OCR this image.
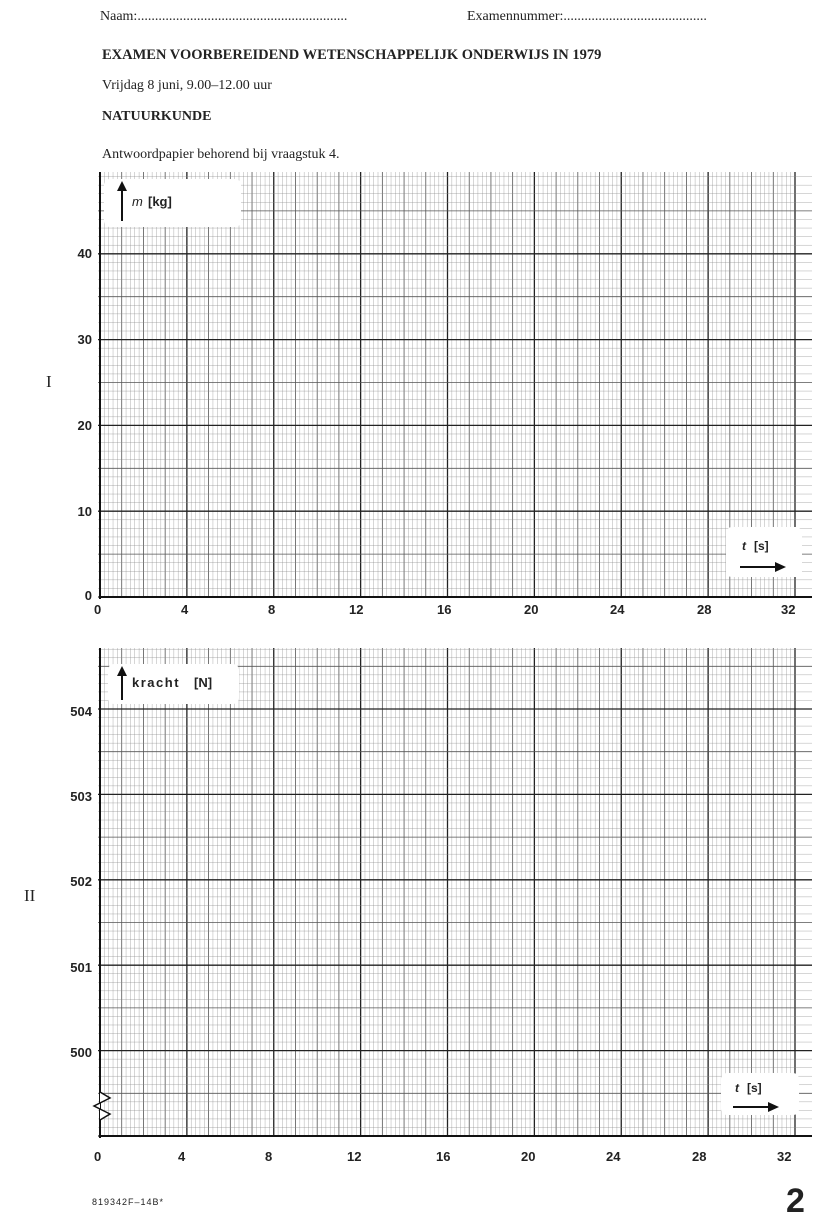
Naam:............................................................	Examennummer:.........................................
EXAMEN VOORBEREIDEND WETENSCHAPPELIJK ONDERWIJS IN 1979
Vrijdag 8 juni, 9.00–12.00 uur
NATUURKUNDE
Antwoordpapier behorend bij vraagstuk 4.
m [kg]
t [s]
kracht [N]
t [s]
40
30
20
10
0
0	4	8	12	16	20	24	28	32
I
504
503
502
501
500
0	4	8	12	16	20	24	28	32
II
819342F–14B*	2
